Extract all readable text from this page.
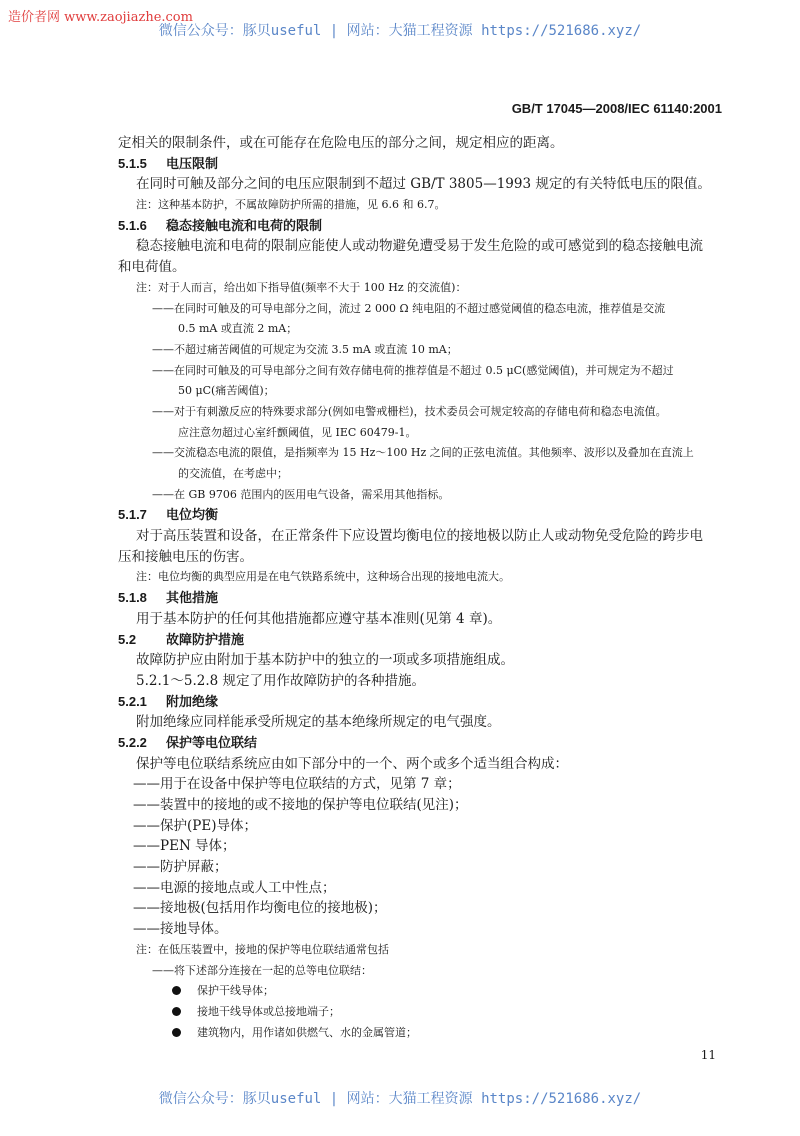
造价者网 www.zaojiazhe.com
微信公众号：豚贝useful | 网站：大猫工程资源 https://521686.xyz/
GB/T 17045—2008/IEC 61140:2001
定相关的限制条件，或在可能存在危险电压的部分之间，规定相应的距离。
5.1.5 电压限制
在同时可触及部分之间的电压应限制到不超过 GB/T 3805—1993 规定的有关特低电压的限值。
注：这种基本防护，不属故障防护所需的措施，见 6.6 和 6.7。
5.1.6 稳态接触电流和电荷的限制
稳态接触电流和电荷的限制应能使人或动物避免遭受易于发生危险的或可感觉到的稳态接触电流
和电荷值。
注：对于人而言，给出如下指导值(频率不大于 100 Hz 的交流值)：
——在同时可触及的可导电部分之间，流过 2 000 Ω 纯电阻的不超过感觉阈值的稳态电流，推荐值是交流
0.5 mA 或直流 2 mA；
——不超过痛苦阈值的可规定为交流 3.5 mA 或直流 10 mA；
——在同时可触及的可导电部分之间有效存储电荷的推荐值是不超过 0.5 μC(感觉阈值)，并可规定为不超过
50 μC(痛苦阈值)；
——对于有刺激反应的特殊要求部分(例如电警戒栅栏)，技术委员会可规定较高的存储电荷和稳态电流值。
应注意勿超过心室纤颤阈值，见 IEC 60479-1。
——交流稳态电流的限值，是指频率为 15 Hz～100 Hz 之间的正弦电流值。其他频率、波形以及叠加在直流上
的交流值，在考虑中；
——在 GB 9706 范围内的医用电气设备，需采用其他指标。
5.1.7 电位均衡
对于高压装置和设备，在正常条件下应设置均衡电位的接地极以防止人或动物免受危险的跨步电
压和接触电压的伤害。
注：电位均衡的典型应用是在电气铁路系统中，这种场合出现的接地电流大。
5.1.8 其他措施
用于基本防护的任何其他措施都应遵守基本准则(见第 4 章)。
5.2 故障防护措施
故障防护应由附加于基本防护中的独立的一项或多项措施组成。
5.2.1～5.2.8 规定了用作故障防护的各种措施。
5.2.1 附加绝缘
附加绝缘应同样能承受所规定的基本绝缘所规定的电气强度。
5.2.2 保护等电位联结
保护等电位联结系统应由如下部分中的一个、两个或多个适当组合构成：
——用于在设备中保护等电位联结的方式，见第 7 章；
——装置中的接地的或不接地的保护等电位联结(见注)；
——保护(PE)导体；
——PEN 导体；
——防护屏蔽；
——电源的接地点或人工中性点；
——接地极(包括用作均衡电位的接地极)；
——接地导体。
注：在低压装置中，接地的保护等电位联结通常包括
——将下述部分连接在一起的总等电位联结：
保护干线导体；
接地干线导体或总接地端子；
建筑物内，用作诸如供燃气、水的金属管道；
11
微信公众号：豚贝useful | 网站：大猫工程资源 https://521686.xyz/
